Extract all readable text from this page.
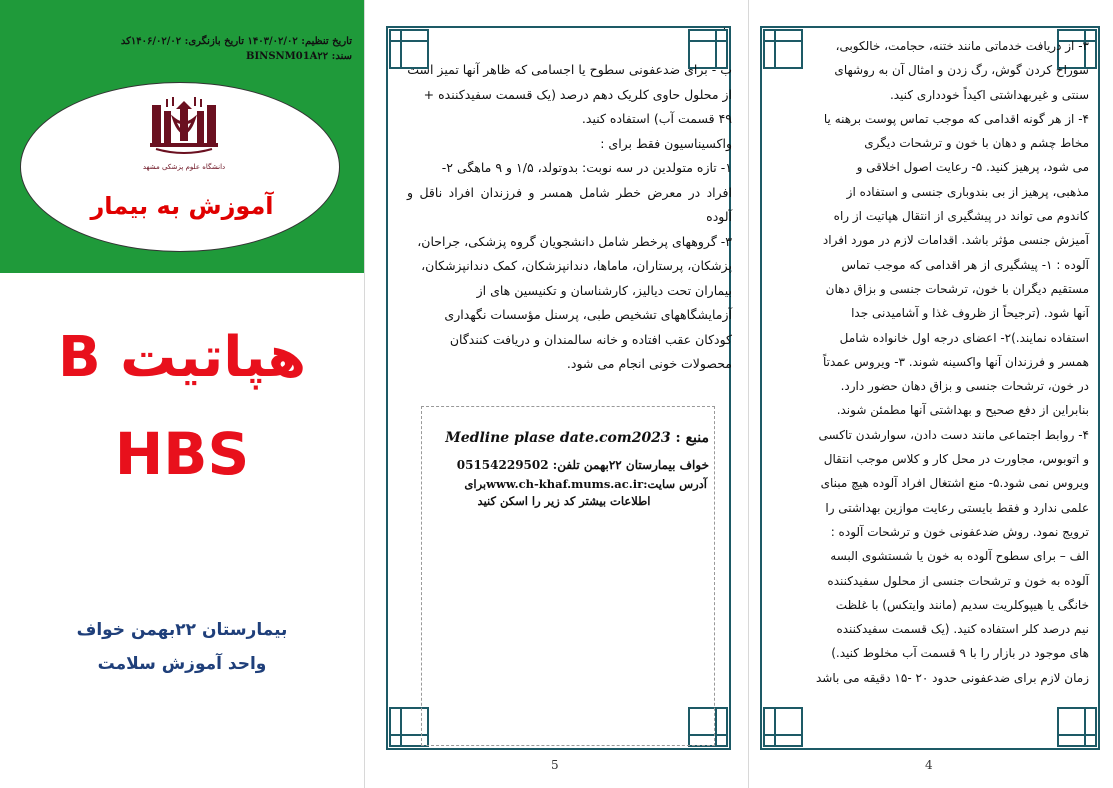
تاریخ تنظیم: ۱۴۰۳/۰۲/۰۲ تاریخ بازنگری: ۱۴۰۶/۰۲/۰۲کد
سند: BINSNM01A۲۲
دانشگاه علوم پزشکی مشهد
آموزش به بیمار
هپاتیت B
HBS
بیمارستان ۲۲بهمن خواف
واحد آموزش سلامت
٠

ب - برای ضدعفونی سطوح یا اجسامی که ظاهر آنها تمیز است

از محلول حاوی کلریک دهم درصد (یک قسمت سفیدکننده +

۴۹ قسمت آب) استفاده کنید.

واکسیناسیون فقط برای :

۱- تازه متولدین در سه نوبت: بدوتولد، ۱/۵ و ۹ ماهگی ۲-

افراد در معرض خطر شامل همسر و فرزندان افراد ناقل و آلوده

۳- گروههای پرخطر شامل دانشجویان گروه پزشکی، جراحان،

پزشکان، پرستاران، ماماها، دندانپزشکان، کمک دندانپزشکان،

بیماران تحت دیالیز، کارشناسان و تکنیسین های از

آزمایشگاههای تشخیص طبی، پرسنل مؤسسات نگهداری

کودکان عقب افتاده و خانه سالمندان و دریافت کنندگان

محصولات خونی انجام می شود.

5
منبع : Medline plase date.com2023
خواف بیمارستان ۲۲بهمن تلفن: 05154229502
آدرس سایت:www.ch-khaf.mums.ac.irبرای
اطلاعات بیشتر کد زیر را اسکن کنید

۳- از دریافت خدماتی مانند ختنه، حجامت، خالکوبی،

سوراخ کردن گوش، رگ زدن و امثال آن به روشهای

سنتی و غیربهداشتی اکیداً خودداری کنید.

۴- از هر گونه اقدامی که موجب تماس پوست برهنه یا

مخاط چشم و دهان با خون و ترشحات دیگری

می شود، پرهیز کنید. ۵- رعایت اصول اخلاقی و

مذهبی، پرهیز از بی بندوباری جنسی و استفاده از

کاندوم می تواند در پیشگیری از انتقال هپاتیت از راه

آمیزش جنسی مؤثر باشد. اقدامات لازم در مورد افراد

آلوده : ۱- پیشگیری از هر اقدامی که موجب تماس

مستقیم دیگران با خون، ترشحات جنسی و بزاق دهان

آنها شود. (ترجیحاً از ظروف غذا و آشامیدنی جدا

استفاده نمایند.)۲- اعضای درجه اول خانواده شامل

همسر و فرزندان آنها واکسینه شوند. ۳- ویروس عمدتاً

در خون، ترشحات جنسی و بزاق دهان حضور دارد.

بنابراین از دفع صحیح و بهداشتی آنها مطمئن شوند.

۴- روابط اجتماعی مانند دست دادن، سوارشدن تاکسی

و اتوبوس، مجاورت در محل کار و کلاس موجب انتقال

ویروس نمی شود.۵- منع اشتغال افراد آلوده هیچ مبنای

علمی ندارد و فقط بایستی رعایت موازین بهداشتی را

ترویج نمود. روش ضدعفونی خون و ترشحات آلوده :

الف – برای سطوح آلوده به خون یا شستشوی البسه

آلوده به خون و ترشحات جنسی از محلول سفیدکننده

خانگی یا هیپوکلریت سدیم (مانند وایتکس) با غلظت

نیم درصد کلر استفاده کنید. (یک قسمت سفیدکننده

های موجود در بازار را با ۹ قسمت آب مخلوط کنید.)

زمان لازم برای ضدعفونی حدود ۲۰ -۱۵ دقیقه می باشد

4
